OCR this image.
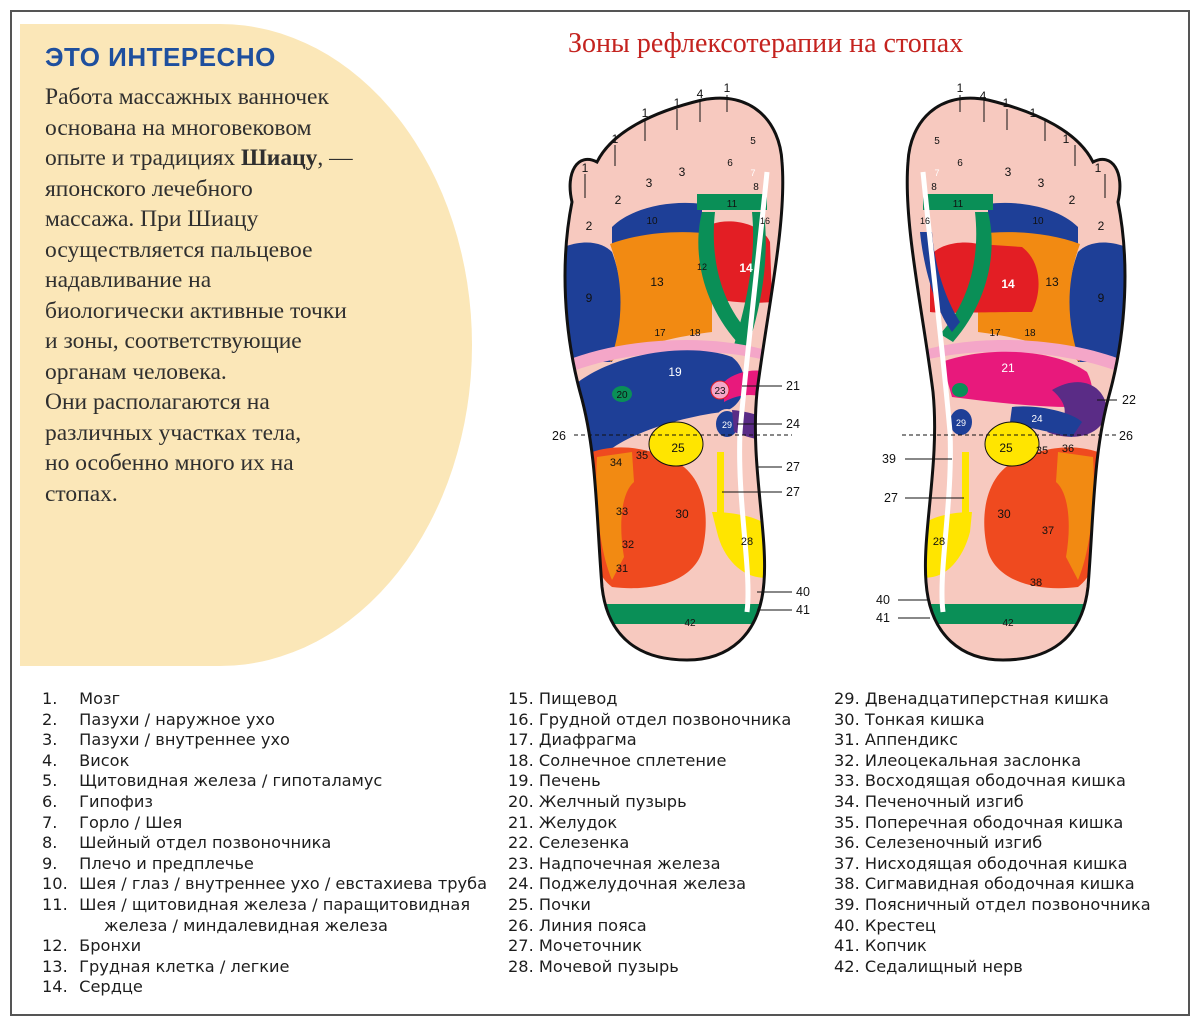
ЭТО ИНТЕРЕСНО
Работа массажных ванночек
основана на многовековом
опыте и традициях Шиацу, —
японского лечебного
массажа. При Шиацу
осуществляется пальцевое
надавливание на
биологически активные точки
и зоны, соответствующие
органам человека.
Они располагаются на
различных участках тела,
но особенно много их на
стопах.
Зоны рефлексотерапии на стопах
2
2
3
3
5
6
7
8
9
10
11
12
13
14
16
17 18
19
20	23
25
28
29
30
31
32
33
34
35
42
1
1
1
1
4 1
21
24
26
27
27
40
41
2
2
3
3
5
6
7
8
9
10
11
13
14
16
17 18
21
24
25
28
29
30
35 36
37
38
42
1
1
1
1
4
1
22
26
39
27
40
41
1. Мозг
2. Пазухи / наружное ухо
3. Пазухи / внутреннее ухо
4. Висок
5. Щитовидная железа / гипоталамус
6. Гипофиз
7. Горло / Шея
8. Шейный отдел позвоночника
9. Плечо и предплечье
10. Шея / глаз / внутреннее ухо / евстахиева труба
11. Шея / щитовидная железа / паращитовидная
железа / миндалевидная железа
12. Бронхи
13. Грудная клетка / легкие
14. Сердце
15. Пищевод
16. Грудной отдел позвоночника
17. Диафрагма
18. Солнечное сплетение
19. Печень
20. Желчный пузырь
21. Желудок
22. Селезенка
23. Надпочечная железа
24. Поджелудочная железа
25. Почки
26. Линия пояса
27. Мочеточник
28. Мочевой пузырь
29. Двенадцатиперстная кишка
30. Тонкая кишка
31. Аппендикс
32. Илеоцекальная заслонка
33. Восходящая ободочная кишка
34. Печеночный изгиб
35. Поперечная ободочная кишка
36. Селезеночный изгиб
37. Нисходящая ободочная кишка
38. Сигмавидная ободочная кишка
39. Поясничный отдел позвоночника
40. Крестец
41. Копчик
42. Седалищный нерв
